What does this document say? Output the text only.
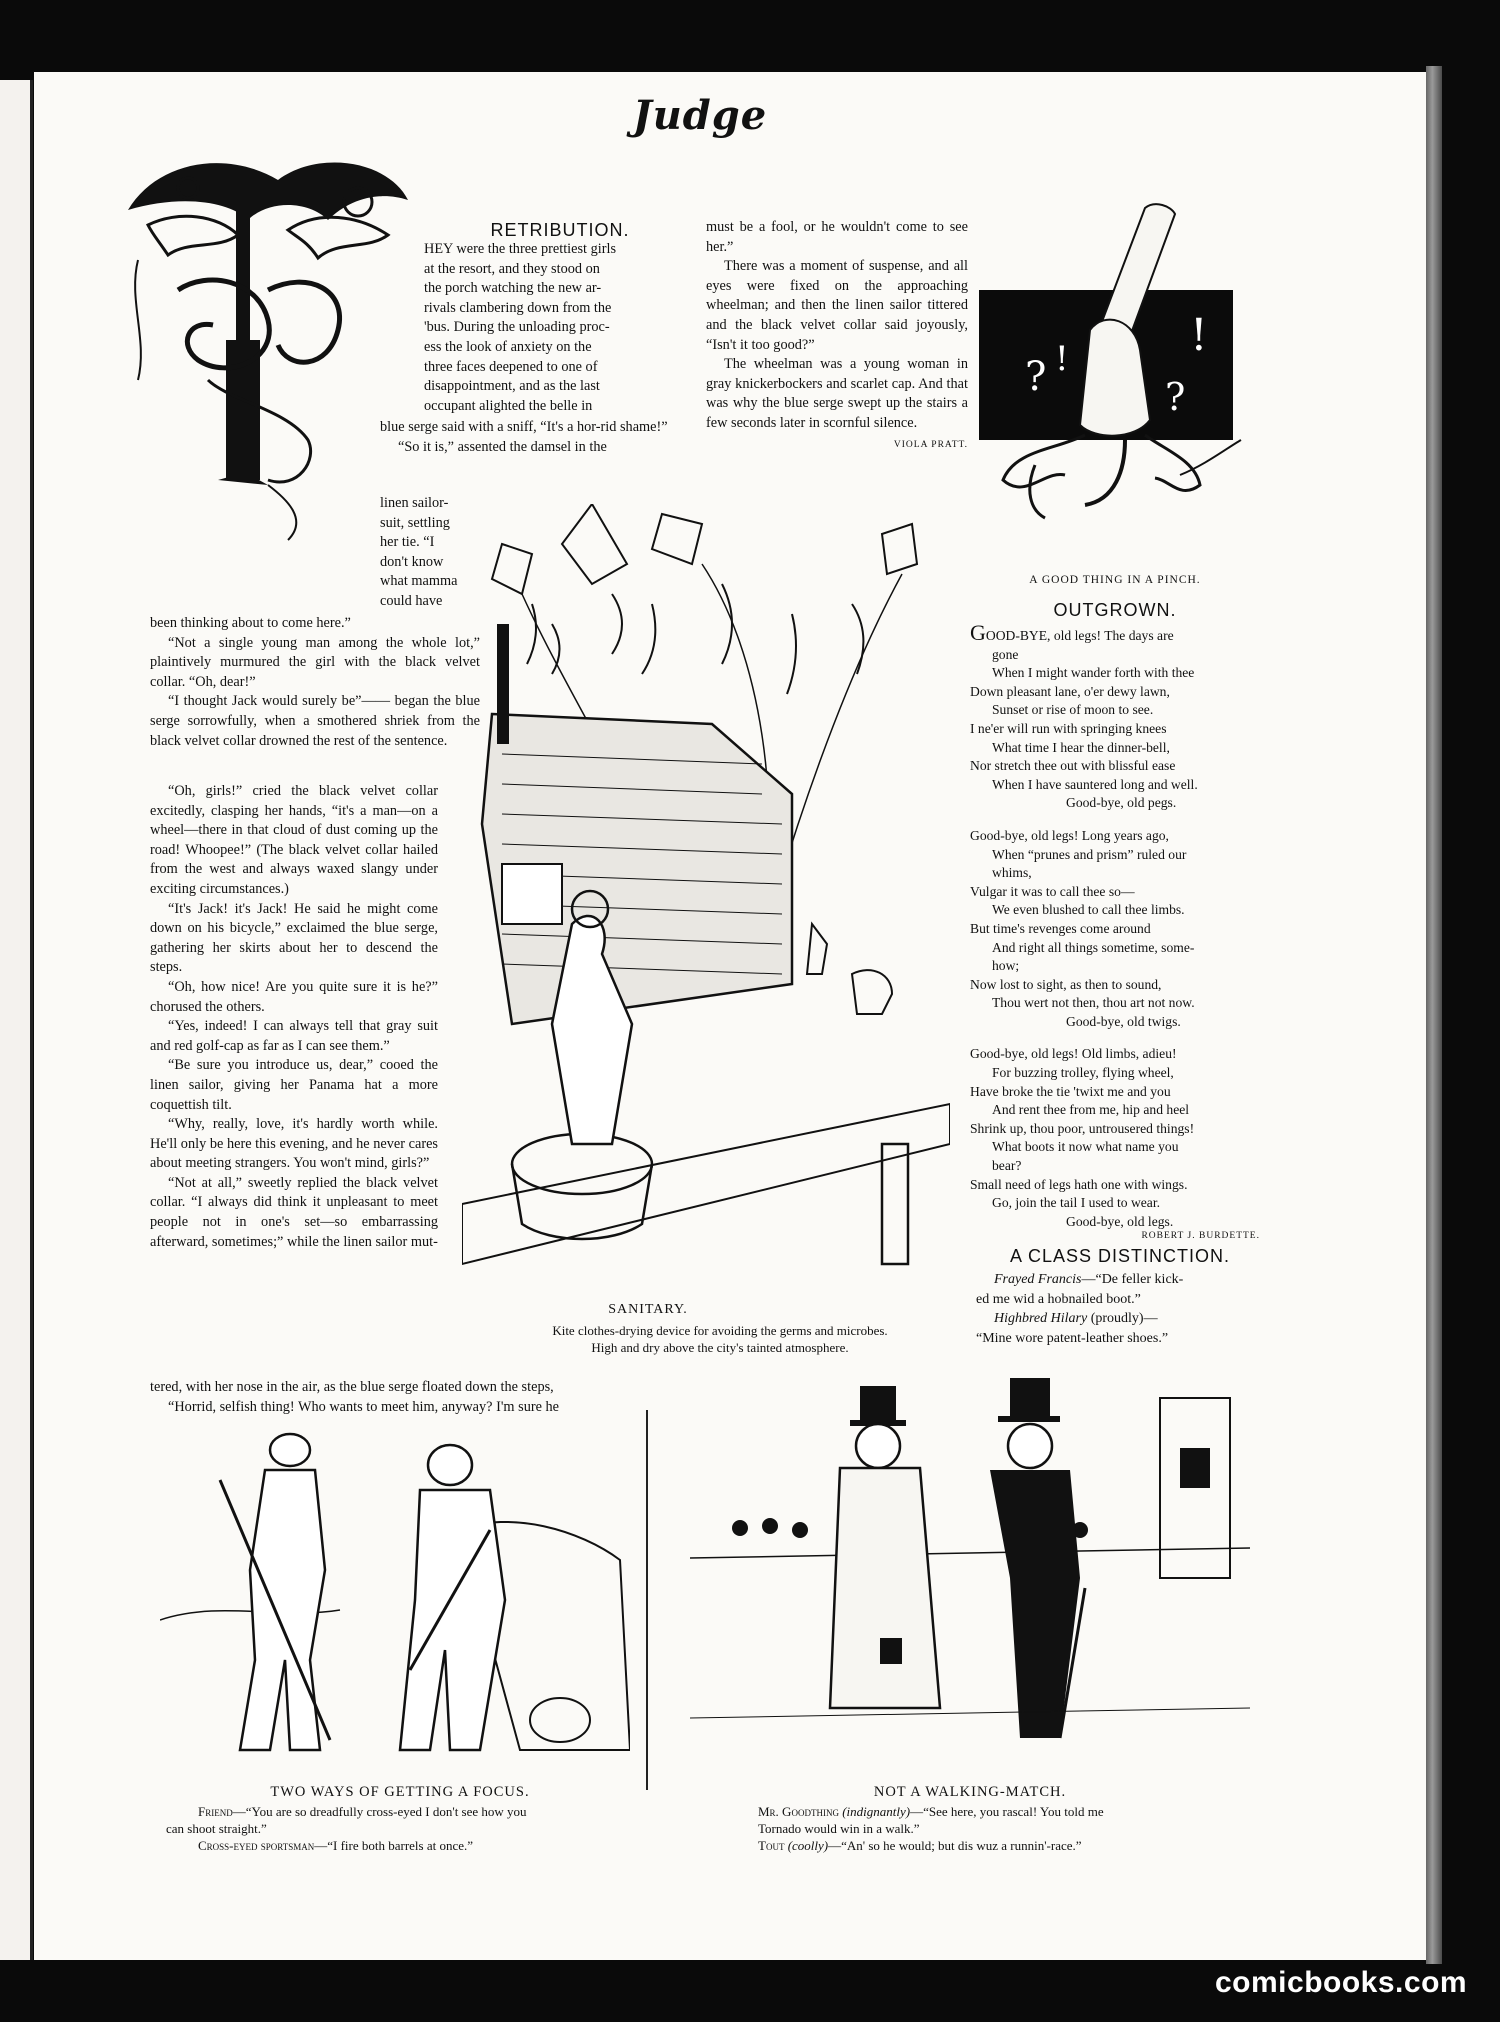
Judge
RETRIBUTION.

HEY were the three prettiest girls

at the resort, and they stood on

the porch watching the new ar-

rivals clambering down from the

'bus. During the unloading proc-

ess the look of anxiety on the

three faces deepened to one of

disappointment, and as the last

occupant alighted the belle in

blue serge said with a sniff, “It's a hor-rid shame!”

“So it is,” assented the damsel in the

linen sailor-

suit, settling

her tie. “I

don't know

what mamma

could have

been thinking about to come here.”

“Not a single young man among the whole lot,” plaintively murmured the girl with the black velvet collar. “Oh, dear!”

“I thought Jack would surely be”—— began the blue serge sorrowfully, when a smothered shriek from the black velvet collar drowned the rest of the sentence.

“Oh, girls!” cried the black velvet collar excitedly, clasping her hands, “it's a man—on a wheel—there in that cloud of dust coming up the road! Whoopee!” (The black velvet collar hailed from the west and always waxed slangy under exciting circumstances.)

“It's Jack! it's Jack! He said he might come down on his bicycle,” exclaimed the blue serge, gathering her skirts about her to descend the steps.

“Oh, how nice! Are you quite sure it is he?” chorused the others.

“Yes, indeed! I can always tell that gray suit and red golf-cap as far as I can see them.”

“Be sure you introduce us, dear,” cooed the linen sailor, giving her Panama hat a more coquettish tilt.

“Why, really, love, it's hardly worth while. He'll only be here this evening, and he never cares about meeting strangers. You won't mind, girls?”

“Not at all,” sweetly replied the black velvet collar. “I always did think it unpleasant to meet people not in one's set—so embarrassing afterward, sometimes;” while the linen sailor mut-

tered, with her nose in the air, as the blue serge floated down the steps,

“Horrid, selfish thing! Who wants to meet him, anyway? I'm sure he

must be a fool, or he wouldn't come to see her.”

There was a moment of suspense, and all eyes were fixed on the approaching wheelman; and then the linen sailor tittered and the black velvet collar said joyously, “Isn't it too good?”

The wheelman was a young woman in gray knickerbockers and scarlet cap. And that was why the blue serge swept up the stairs a few seconds later in scornful silence.

VIOLA PRATT.
? !	!
?
A GOOD THING IN A PINCH.
SANITARY.
Kite clothes-drying device for avoiding the germs and microbes.
High and dry above the city's tainted atmosphere.
OUTGROWN.

GOOD-BYE, old legs! The days are

gone

When I might wander forth with thee

Down pleasant lane, o'er dewy lawn,

Sunset or rise of moon to see.

I ne'er will run with springing knees

What time I hear the dinner-bell,

Nor stretch thee out with blissful ease

When I have sauntered long and well.

Good-bye, old pegs.

Good-bye, old legs! Long years ago,

When “prunes and prism” ruled our

whims,

Vulgar it was to call thee so—

We even blushed to call thee limbs.

But time's revenges come around

And right all things sometime, some-

how;

Now lost to sight, as then to sound,

Thou wert not then, thou art not now.

Good-bye, old twigs.

Good-bye, old legs! Old limbs, adieu!

For buzzing trolley, flying wheel,

Have broke the tie 'twixt me and you

And rent thee from me, hip and heel

Shrink up, thou poor, untrousered things!

What boots it now what name you

bear?

Small need of legs hath one with wings.

Go, join the tail I used to wear.

Good-bye, old legs.

ROBERT J. BURDETTE.
A CLASS DISTINCTION.

Frayed Francis—“De feller kick-

ed me wid a hobnailed boot.”

Highbred Hilary (proudly)—

“Mine wore patent-leather shoes.”

TWO WAYS OF GETTING A FOCUS.
Friend—“You are so dreadfully cross-eyed I don't see how you
can shoot straight.”
Cross-eyed sportsman—“I fire both barrels at once.”
NOT A WALKING-MATCH.
Mr. Goodthing (indignantly)—“See here, you rascal! You told me
Tornado would win in a walk.”
Tout (coolly)—“An' so he would; but dis wuz a runnin'-race.”
comicbooks.com
